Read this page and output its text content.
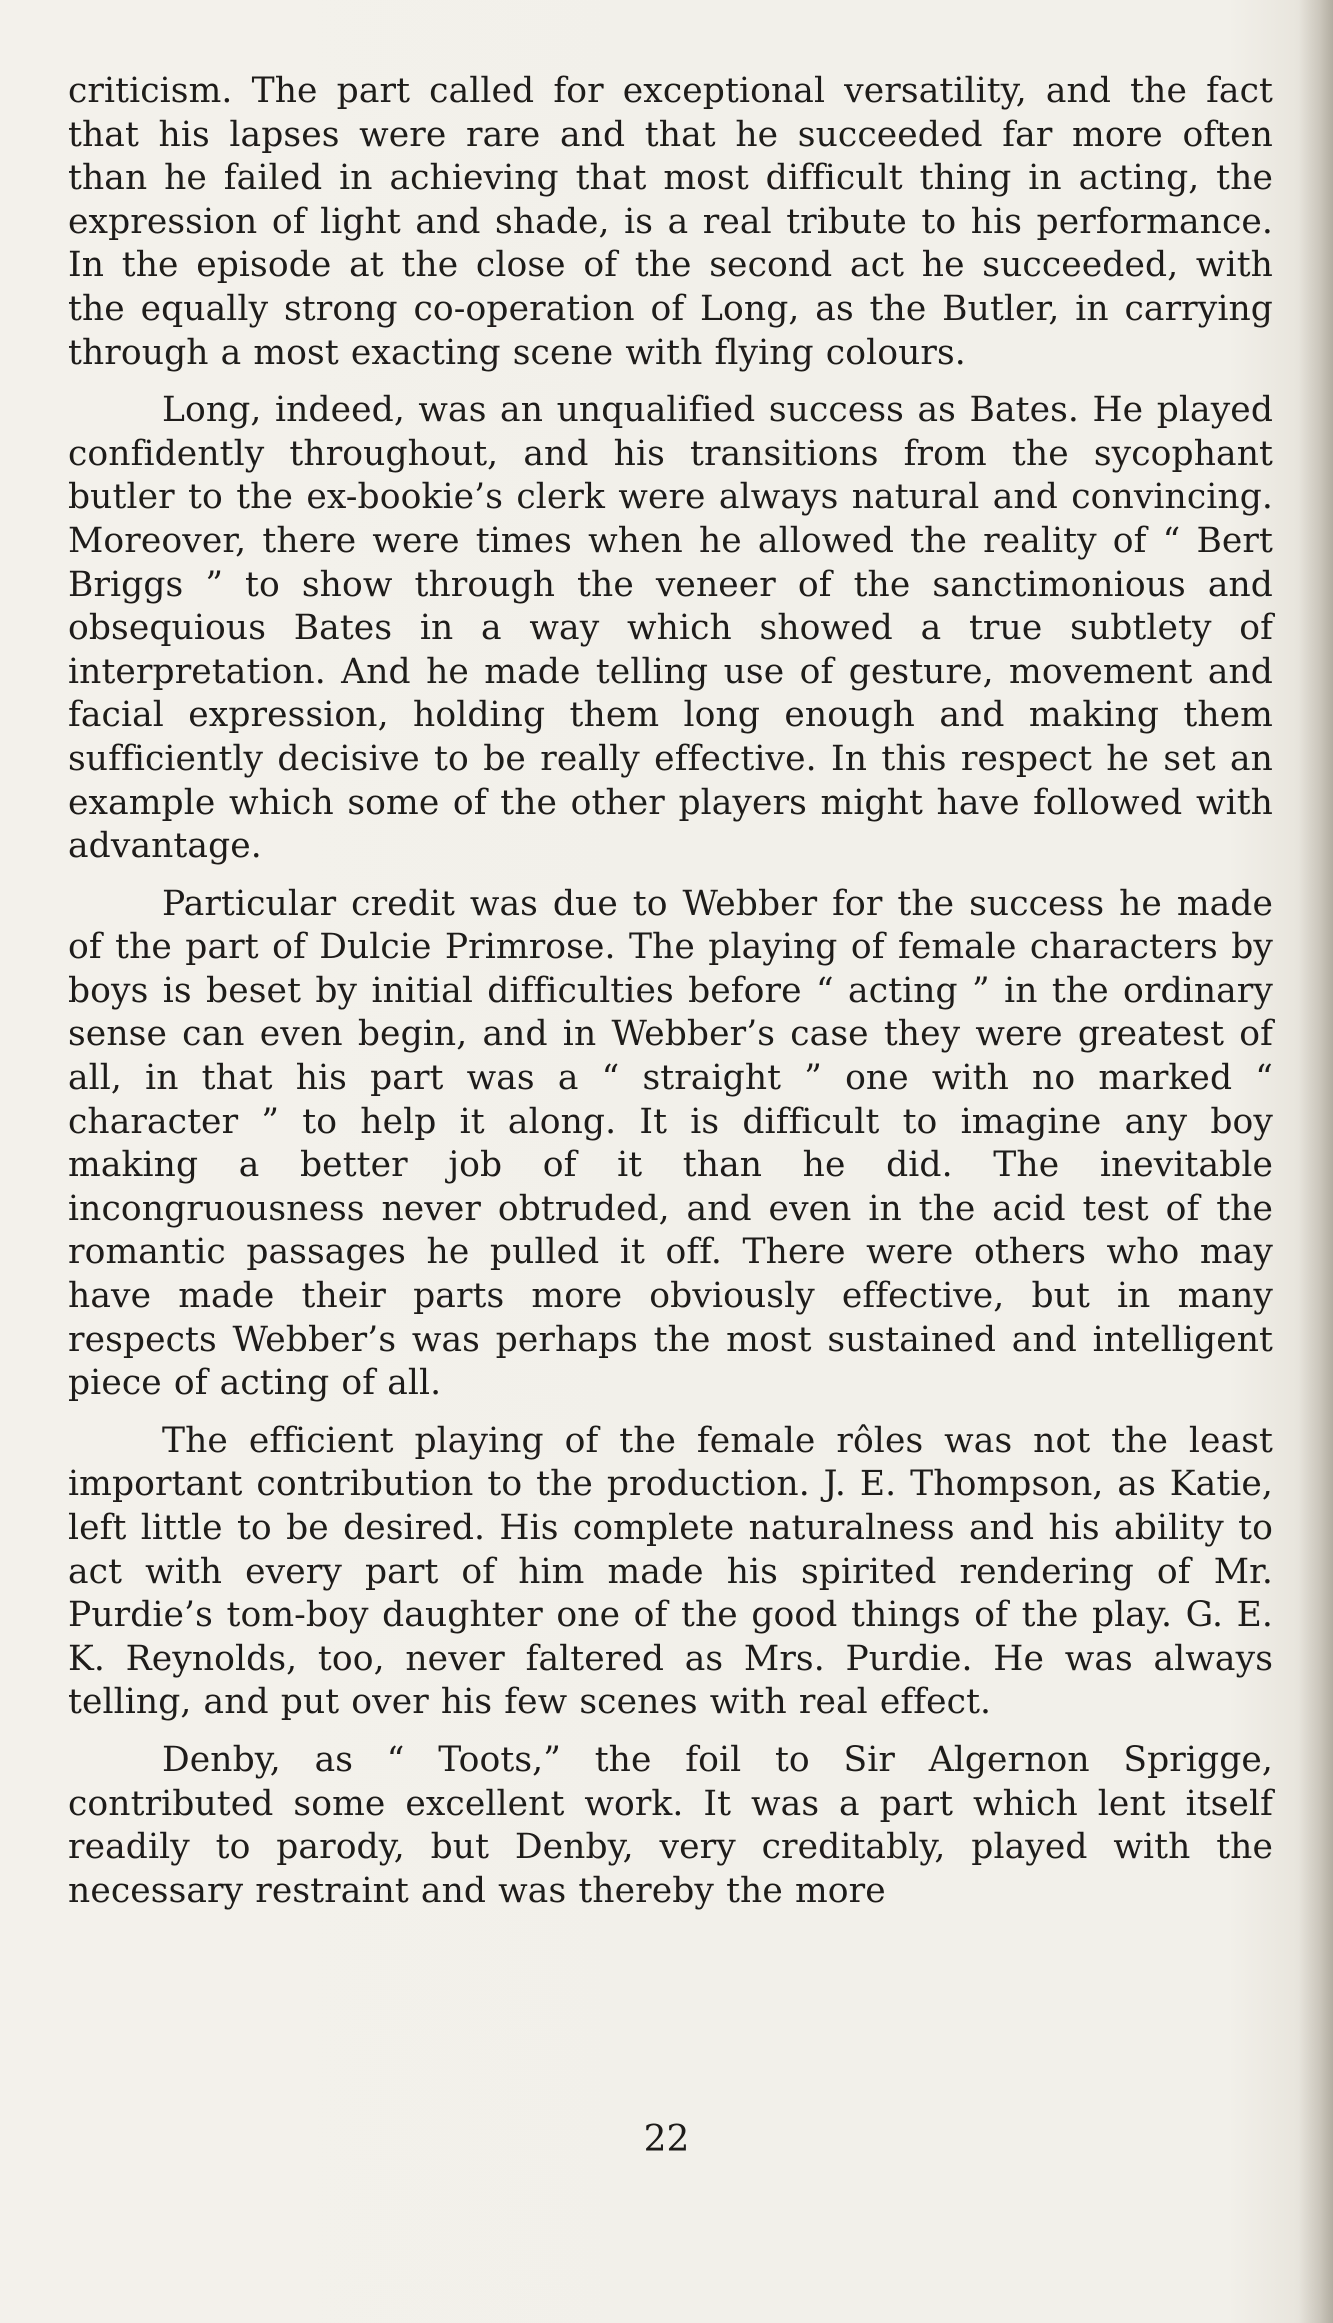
criticism. The part called for exceptional versatility, and the fact that his lapses were rare and that he succeeded far more often than he failed in achieving that most difficult thing in acting, the expression of light and shade, is a real tribute to his performance. In the episode at the close of the second act he succeeded, with the equally strong co-operation of Long, as the Butler, in carrying through a most exacting scene with flying colours.

Long, indeed, was an unqualified success as Bates. He played confidently throughout, and his transitions from the sycophant butler to the ex-bookie’s clerk were always natural and convincing. Moreover, there were times when he allowed the reality of “ Bert Briggs ” to show through the veneer of the sanctimonious and obsequious Bates in a way which showed a true subtlety of interpretation. And he made telling use of gesture, movement and facial expression, holding them long enough and making them sufficiently decisive to be really effective. In this respect he set an example which some of the other players might have followed with advantage.

Particular credit was due to Webber for the success he made of the part of Dulcie Primrose. The playing of female characters by boys is beset by initial difficulties before “ acting ” in the ordinary sense can even begin, and in Webber’s case they were greatest of all, in that his part was a “ straight ” one with no marked “ character ” to help it along. It is difficult to imagine any boy making a better job of it than he did. The inevitable incongruousness never obtruded, and even in the acid test of the romantic passages he pulled it off. There were others who may have made their parts more obviously effective, but in many respects Webber’s was perhaps the most sustained and intelligent piece of acting of all.

The efficient playing of the female rôles was not the least important contribution to the production. J. E. Thompson, as Katie, left little to be desired. His complete naturalness and his ability to act with every part of him made his spirited rendering of Mr. Purdie’s tom-boy daughter one of the good things of the play. G. E. K. Reynolds, too, never faltered as Mrs. Purdie. He was always telling, and put over his few scenes with real effect.

Denby, as “ Toots,” the foil to Sir Algernon Sprigge, contributed some excellent work. It was a part which lent itself readily to parody, but Denby, very creditably, played with the necessary restraint and was thereby the more

22
